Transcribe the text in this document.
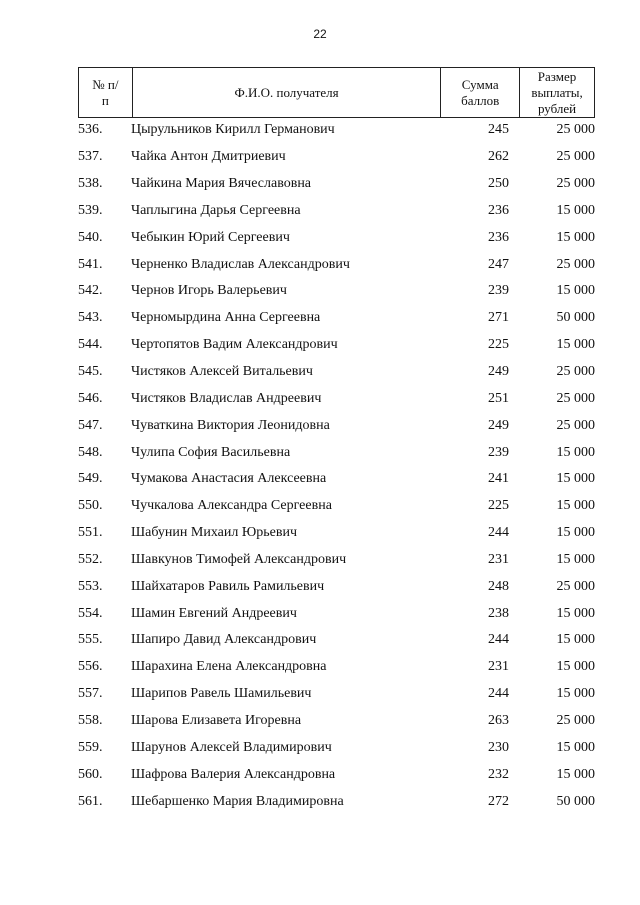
22
№ п/п	Ф.И.О. получателя	Сумма баллов	Размер выплаты, рублей
536.	Цырульников Кирилл Германович	245	25 000
537.	Чайка Антон Дмитриевич	262	25 000
538.	Чайкина Мария Вячеславовна	250	25 000
539.	Чаплыгина Дарья Сергеевна	236	15 000
540.	Чебыкин Юрий Сергеевич	236	15 000
541.	Черненко Владислав Александрович	247	25 000
542.	Чернов Игорь Валерьевич	239	15 000
543.	Черномырдина Анна Сергеевна	271	50 000
544.	Чертопятов Вадим Александрович	225	15 000
545.	Чистяков Алексей Витальевич	249	25 000
546.	Чистяков Владислав Андреевич	251	25 000
547.	Чуваткина Виктория Леонидовна	249	25 000
548.	Чулипа София Васильевна	239	15 000
549.	Чумакова Анастасия Алексеевна	241	15 000
550.	Чучкалова Александра Сергеевна	225	15 000
551.	Шабунин Михаил Юрьевич	244	15 000
552.	Шавкунов Тимофей Александрович	231	15 000
553.	Шайхатаров Равиль Рамильевич	248	25 000
554.	Шамин Евгений Андреевич	238	15 000
555.	Шапиро Давид Александрович	244	15 000
556.	Шарахина Елена Александровна	231	15 000
557.	Шарипов Равель Шамильевич	244	15 000
558.	Шарова Елизавета Игоревна	263	25 000
559.	Шарунов Алексей Владимирович	230	15 000
560.	Шафрова Валерия Александровна	232	15 000
561.	Шебаршенко Мария Владимировна	272	50 000
